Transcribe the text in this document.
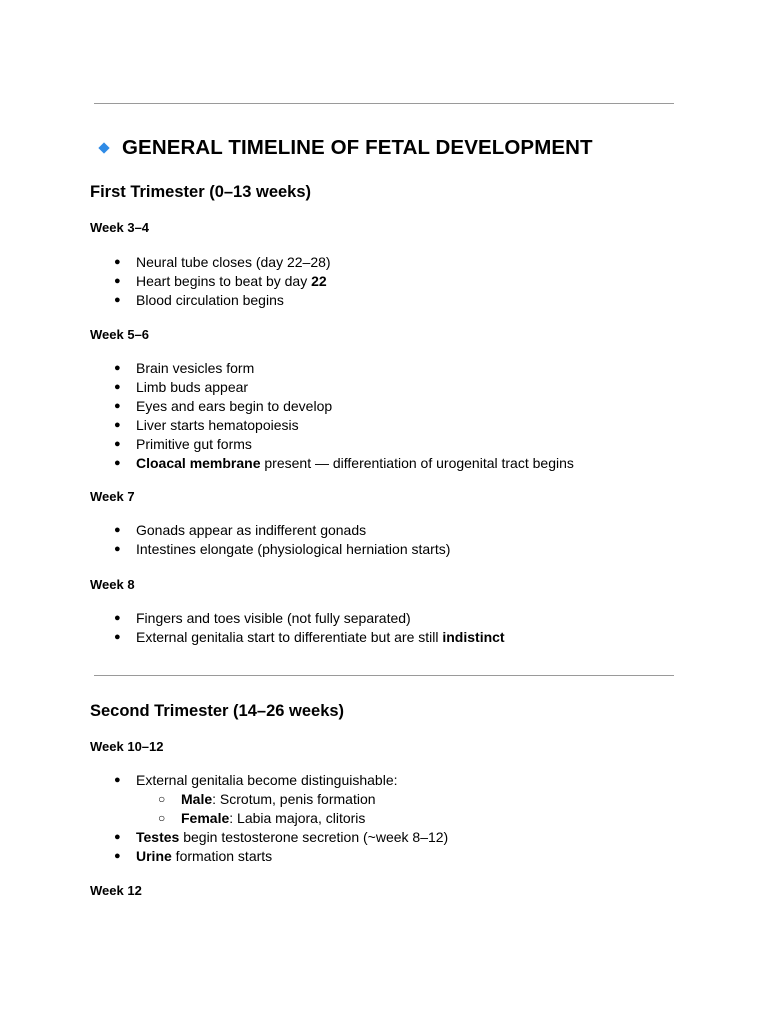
GENERAL TIMELINE OF FETAL DEVELOPMENT
First Trimester (0–13 weeks)
Week 3–4
● Neural tube closes (day 22–28)
● Heart begins to beat by day 22
● Blood circulation begins
Week 5–6
● Brain vesicles form
● Limb buds appear
● Eyes and ears begin to develop
● Liver starts hematopoiesis
● Primitive gut forms
● Cloacal membrane present — differentiation of urogenital tract begins
Week 7
● Gonads appear as indifferent gonads
● Intestines elongate (physiological herniation starts)
Week 8
● Fingers and toes visible (not fully separated)
● External genitalia start to differentiate but are still indistinct
Second Trimester (14–26 weeks)
Week 10–12
● External genitalia become distinguishable:
○ Male: Scrotum, penis formation
○ Female: Labia majora, clitoris
● Testes begin testosterone secretion (~week 8–12)
● Urine formation starts
Week 12
